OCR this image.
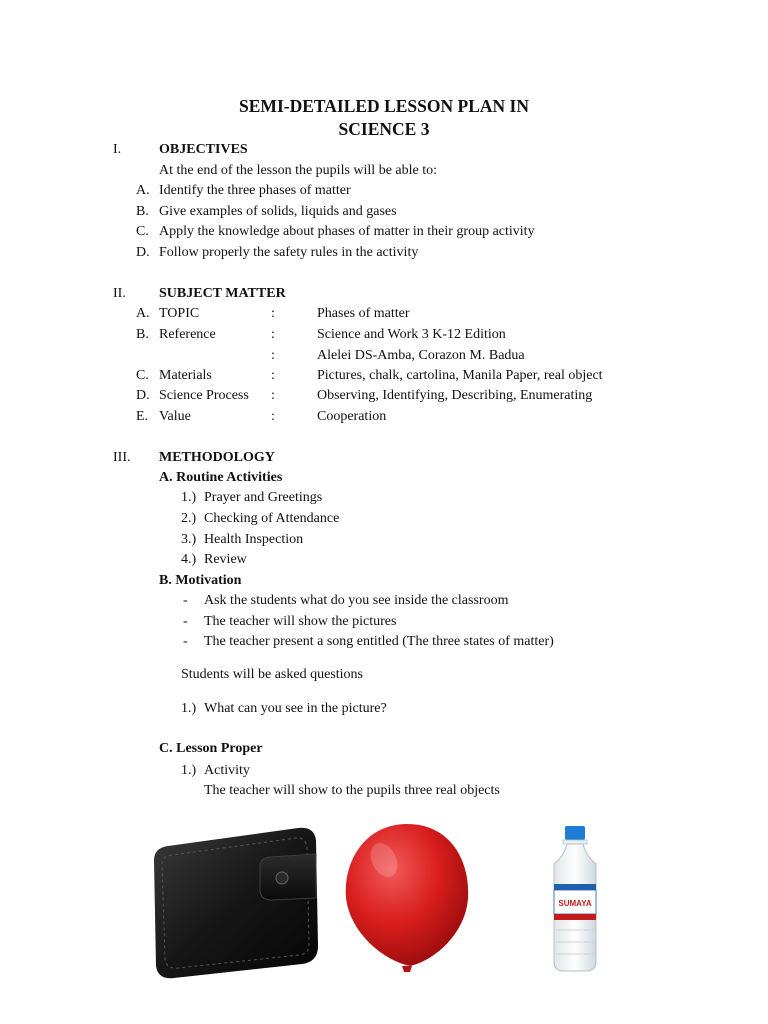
SEMI-DETAILED LESSON PLAN IN
SCIENCE 3
I.	OBJECTIVES
At the end of the lesson the pupils will be able to:
A. Identify the three phases of matter
B. Give examples of solids, liquids and gases
C. Apply the knowledge about phases of matter in their group activity
D. Follow properly the safety rules in the activity
II. SUBJECT MATTER
A. TOPIC	:	Phases of matter
B. Reference	:	Science and Work 3 K-12 Edition
:	Alelei DS-Amba, Corazon M. Badua
C. Materials	:	Pictures, chalk, cartolina, Manila Paper, real object
D. Science Process :	Observing, Identifying, Describing, Enumerating
E. Value	:	Cooperation
III. METHODOLOGY
A. Routine Activities
1.) Prayer and Greetings
2.) Checking of Attendance
3.) Health Inspection
4.) Review
B. Motivation
- Ask the students what do you see inside the classroom
- The teacher will show the pictures
- The teacher present a song entitled (The three states of matter)
Students will be asked questions
1.) What can you see in the picture?
C. Lesson Proper
1.) Activity
The teacher will show to the pupils three real objects
SUMAYA
